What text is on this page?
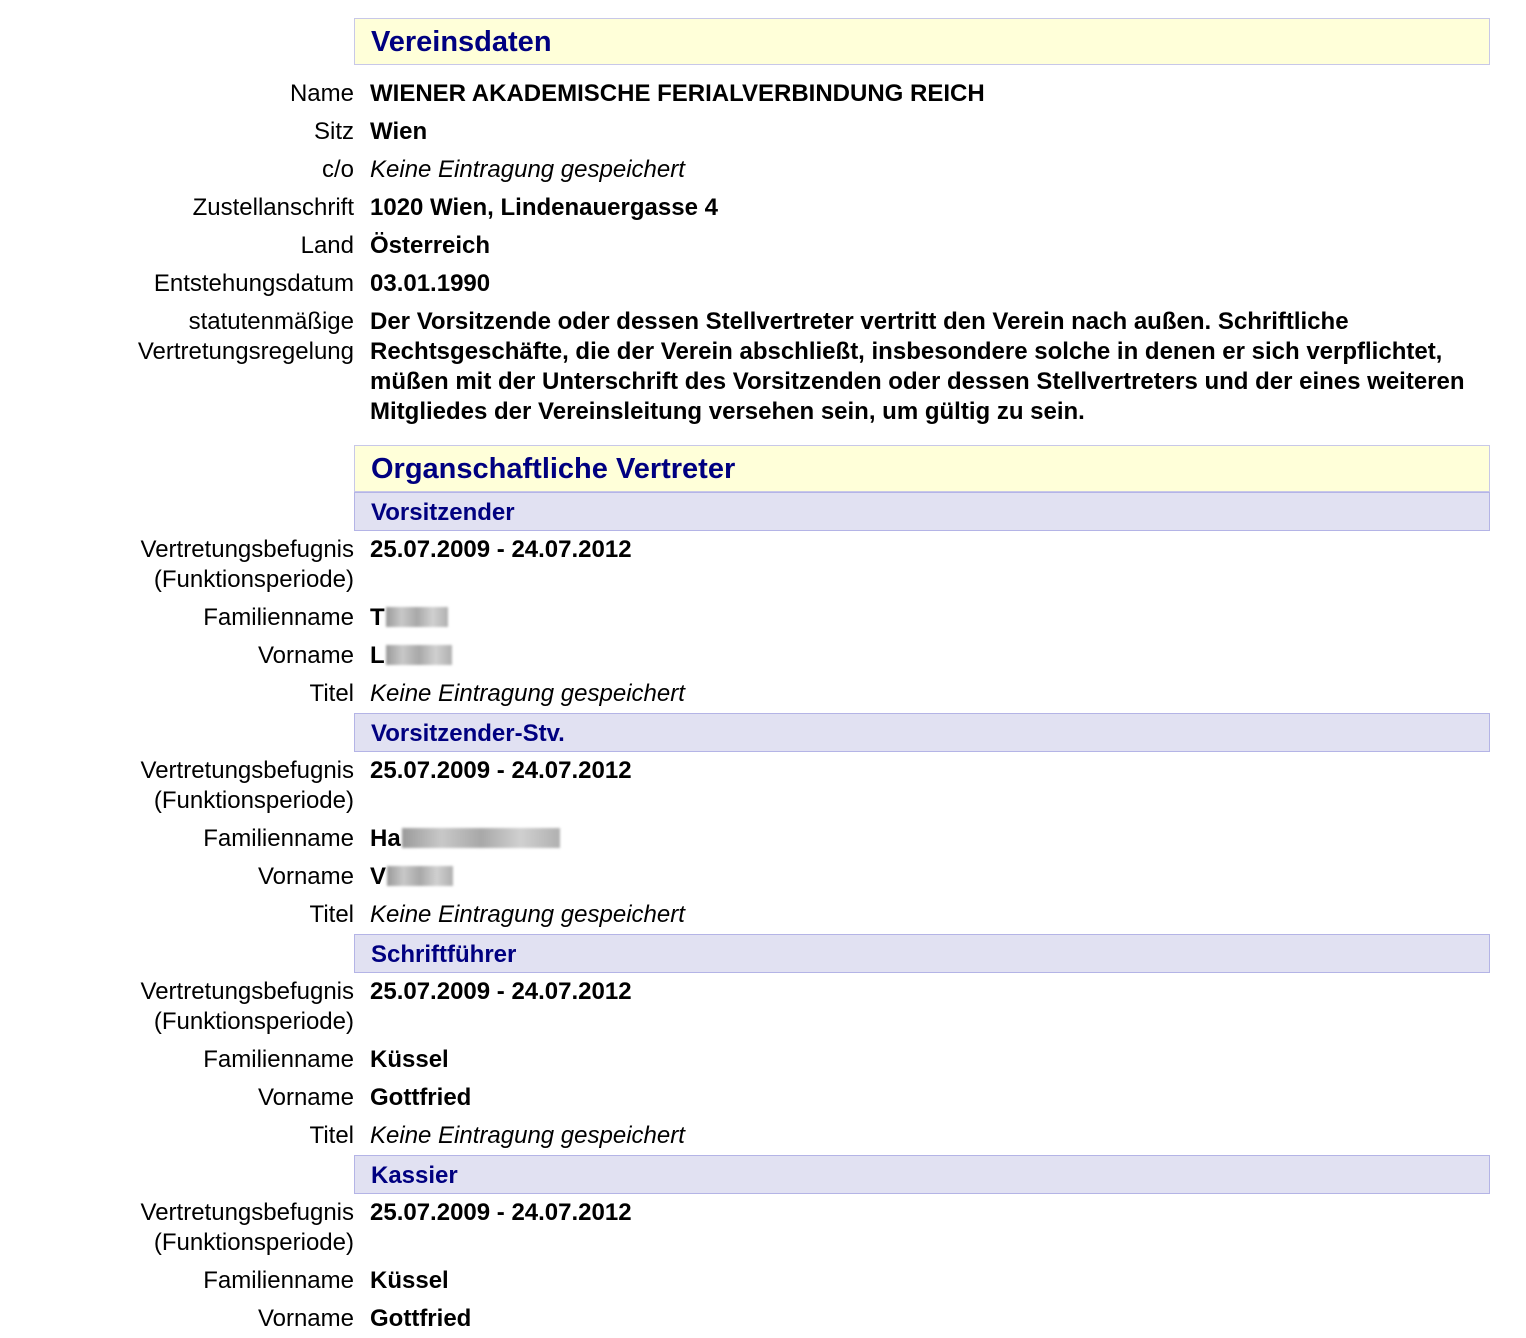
Vereinsdaten
Name WIENER AKADEMISCHE FERIALVERBINDUNG REICH
Sitz Wien
c/o Keine Eintragung gespeichert
Zustellanschrift 1020 Wien, Lindenauergasse 4
Land Österreich
Entstehungsdatum 03.01.1990
statutenmäßige
Vertretungsregelung
Der Vorsitzende oder dessen Stellvertreter vertritt den Verein nach außen. Schriftliche Rechtsgeschäfte, die der Verein abschließt, insbesondere solche in denen er sich verpflichtet, müßen mit der Unterschrift des Vorsitzenden oder dessen Stellvertreters und der eines weiteren Mitgliedes der Vereinsleitung versehen sein, um gültig zu sein.
Organschaftliche Vertreter
Vorsitzender
Vertretungsbefugnis
(Funktionsperiode)
25.07.2009 - 24.07.2012
Familienname T
Vorname L
Titel Keine Eintragung gespeichert
Vorsitzender-Stv.
Vertretungsbefugnis
(Funktionsperiode)
25.07.2009 - 24.07.2012
Familienname Ha
Vorname V
Titel Keine Eintragung gespeichert
Schriftführer
Vertretungsbefugnis
(Funktionsperiode)
25.07.2009 - 24.07.2012
Familienname Küssel
Vorname Gottfried
Titel Keine Eintragung gespeichert
Kassier
Vertretungsbefugnis
(Funktionsperiode)
25.07.2009 - 24.07.2012
Familienname Küssel
Vorname Gottfried
